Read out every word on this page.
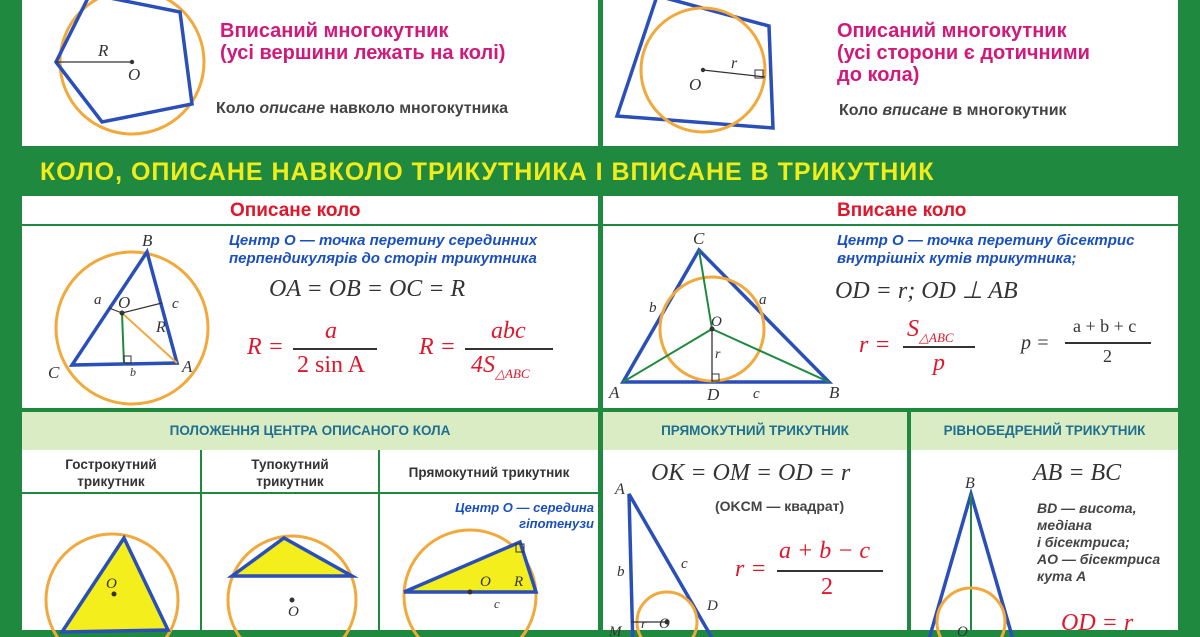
R
O
Вписаний многокутник
(усі вершини лежать на колі)
Коло описане навколо многокутника
r
O
Описаний многокутник
(усі сторони є дотичними
до кола)
Коло вписане в многокутник
КОЛО, ОПИСАНЕ НАВКОЛО ТРИКУТНИКА І ВПИСАНЕ В ТРИКУТНИК
Описане коло
B
C	A
O
R
a
b
c
Центр O — точка перетину серединних
перпендикулярів до сторін трикутника
OA = OB = OC = R
R =
a
2 sin A
R =
abc
$4S_{\triangle ABC}$
Вписане коло
C
A	B
D
O
r
a
b
c
Центр O — точка перетину бісектрис
внутрішніх кутів трикутника;
OD = r; OD ⊥ AB
r =
$S_{\triangle ABC}$
p
p =
a + b + c
2
ПОЛОЖЕННЯ ЦЕНТРА ОПИСАНОГО КОЛА
Гострокутний
трикутник
Тупокутний
трикутник
Прямокутний трикутник
Центр O — середина
гіпотенузи
O
O
O R
c
ПРЯМОКУТНИЙ ТРИКУТНИК
A
b	c
D
M r O
OK = OM = OD = r
(OKCM — квадрат)
r =
a + b − c
2
РІВНОБЕДРЕНИЙ ТРИКУТНИК
B
O
AB = BC
BD — висота,
медіана
і бісектриса;
AO — бісектриса
кута A
OD = r
